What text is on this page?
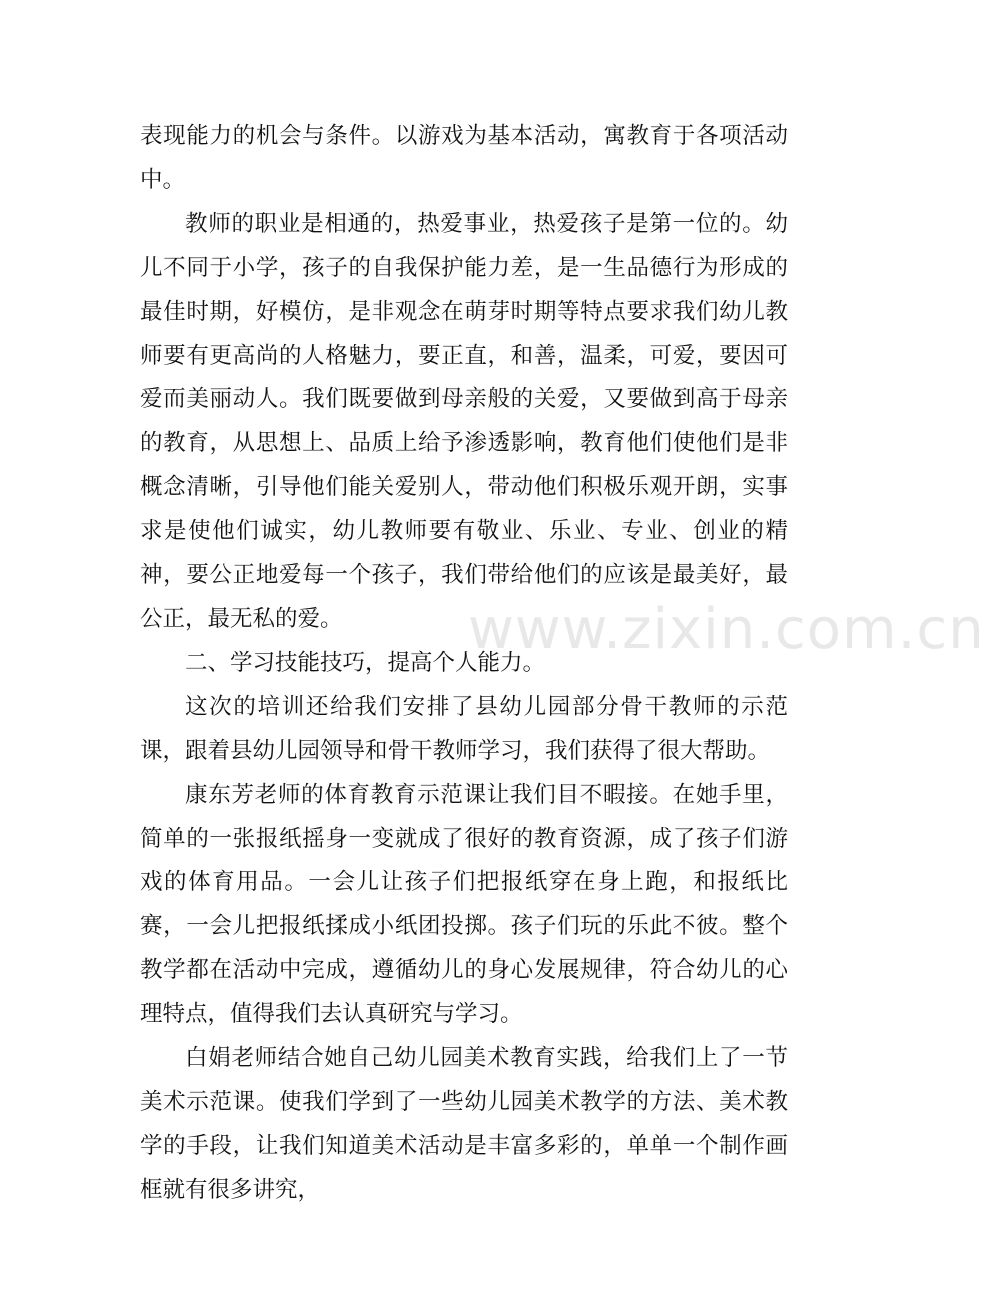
表现能力的机会与条件。以游戏为基本活动，寓教育于各项活动中。

教师的职业是相通的，热爱事业，热爱孩子是第一位的。幼儿不同于小学，孩子的自我保护能力差，是一生品德行为形成的最佳时期，好模仿，是非观念在萌芽时期等特点要求我们幼儿教师要有更高尚的人格魅力，要正直，和善，温柔，可爱，要因可爱而美丽动人。我们既要做到母亲般的关爱，又要做到高于母亲的教育，从思想上、品质上给予渗透影响，教育他们使他们是非概念清晰，引导他们能关爱别人，带动他们积极乐观开朗，实事求是使他们诚实，幼儿教师要有敬业、乐业、专业、创业的精神，要公正地爱每一个孩子，我们带给他们的应该是最美好，最公正，最无私的爱。

二、学习技能技巧，提高个人能力。

这次的培训还给我们安排了县幼儿园部分骨干教师的示范课，跟着县幼儿园领导和骨干教师学习，我们获得了很大帮助。

康东芳老师的体育教育示范课让我们目不暇接。在她手里，简单的一张报纸摇身一变就成了很好的教育资源，成了孩子们游戏的体育用品。一会儿让孩子们把报纸穿在身上跑，和报纸比赛，一会儿把报纸揉成小纸团投掷。孩子们玩的乐此不彼。整个教学都在活动中完成，遵循幼儿的身心发展规律，符合幼儿的心理特点，值得我们去认真研究与学习。

白娟老师结合她自己幼儿园美术教育实践，给我们上了一节美术示范课。使我们学到了一些幼儿园美术教学的方法、美术教学的手段，让我们知道美术活动是丰富多彩的，单单一个制作画框就有很多讲究，

www.zixin.com.cn
